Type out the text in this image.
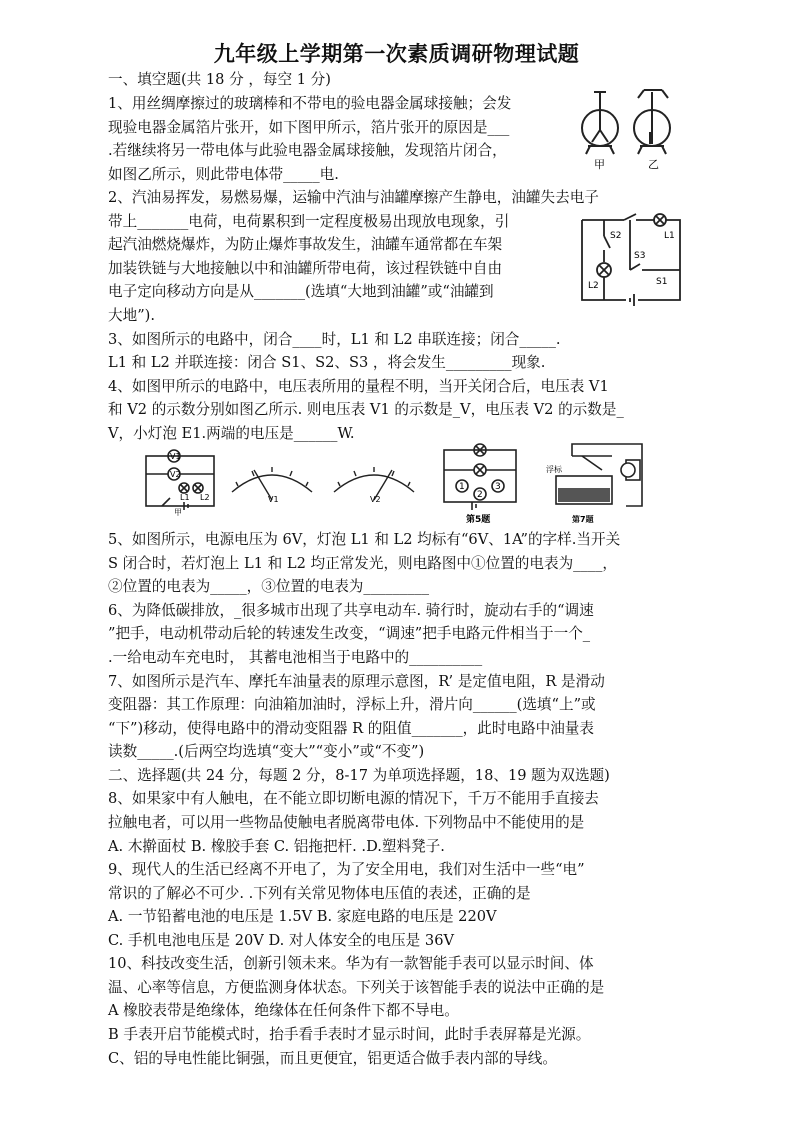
九年级上学期第一次素质调研物理试题
一、填空题(共 18 分 ，每空 1 分)
1、用丝绸摩擦过的玻璃棒和不带电的验电器金属球接触；会发
现验电器金属箔片张开，如下图甲所示，箔片张开的原因是___
.若继续将另一带电体与此验电器金属球接触，发现箔片闭合，
如图乙所示，则此带电体带_____电.
2、汽油易挥发，易燃易爆，运输中汽油与油罐摩擦产生静电，油罐失去电子
带上_______电荷，电荷累积到一定程度极易出现放电现象，引
起汽油燃烧爆炸，为防止爆炸事故发生，油罐车通常都在车架
加装铁链与大地接触以中和油罐所带电荷，该过程铁链中自由
电子定向移动方向是从_______(选填“大地到油罐”或“油罐到
大地”).
3、如图所示的电路中，闭合____时，L1 和 L2 串联连接；闭合_____.
L1 和 L2 并联连接：闭合 S1、S2、S3 ，将会发生_________现象.
4、如图甲所示的电路中，电压表所用的量程不明，当开关闭合后，电压表 V1
和 V2 的示数分别如图乙所示. 则电压表 V1 的示数是_V，电压表 V2 的示数是_
V，小灯泡 E1.两端的电压是______W.
5、如图所示，电源电压为 6V，灯泡 L1 和 L2 均标有“6V、1A”的字样.当开关
S 闭合时，若灯泡上 L1 和 L2 均正常发光，则电路图中①位置的电表为____，
②位置的电表为_____，③位置的电表为_________
6、为降低碳排放，_很多城市出现了共享电动车. 骑行时，旋动右手的“调速
”把手，电动机带动后轮的转速发生改变，“调速”把手电路元件相当于一个_
.一给电动车充电时， 其蓄电池相当于电路中的__________
7、如图所示是汽车、摩托车油量表的原理示意图，R’ 是定值电阻，R 是滑动
变阻器：其工作原理：向油箱加油时，浮标上升，滑片向______(选填“上”或
“下”)移动，使得电路中的滑动变阻器 R 的阻值_______，此时电路中油量表
读数_____.(后两空均选填“变大”“变小”或“不变”)
二、选择题(共 24 分，每题 2 分，8-17 为单项选择题，18、19 题为双选题)
8、如果家中有人触电，在不能立即切断电源的情况下，千万不能用手直接去
拉触电者，可以用一些物品使触电者脱离带电体. 下列物品中不能使用的是
A. 木擀面杖 B. 橡胶手套 C. 铝拖把杆. .D.塑料凳子.
9、现代人的生活已经离不开电了，为了安全用电，我们对生活中一些“电”
常识的了解必不可少. .下列有关常见物体电压值的表述，正确的是
A. 一节铅蓄电池的电压是 1.5V B. 家庭电路的电压是 220V
C. 手机电池电压是 20V D. 对人体安全的电压是 36V
10、科技改变生活，创新引领未来。华为有一款智能手表可以显示时间、体
温、心率等信息，方便监测身体状态。下列关于该智能手表的说法中正确的是
A 橡胶表带是绝缘体，绝缘体在任何条件下都不导电。
B 手表开启节能模式时，抬手看手表时才显示时间，此时手表屏幕是光源。
C、铝的导电性能比铜强，而且更便宜，铝更适合做手表内部的导线。
甲	乙
S2
S3
S1
L1
L2
V1
V2
L1 L2
甲
V1	V2
1	3
2
第5题
浮标
第7题
